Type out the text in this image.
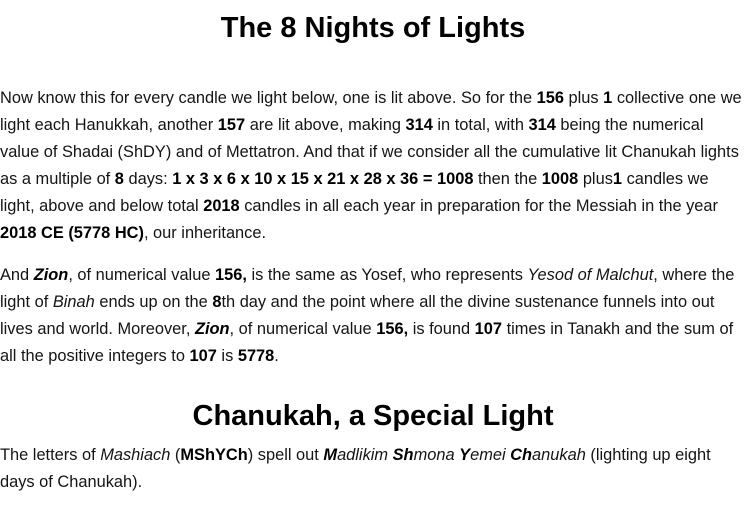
The 8 Nights of Lights

Now know this for every candle we light below, one is lit above. So for the 156 plus 1 collective one we light each Hanukkah, another 157 are lit above, making 314 in total, with 314 being the numerical value of Shadai (ShDY) and of Mettatron. And that if we consider all the cumulative lit Chanukah lights as a multiple of 8 days: 1 x 3 x 6 x 10 x 15 x 21 x 28 x 36 = 1008 then the 1008 plus1 candles we light, above and below total 2018 candles in all each year in preparation for the Messiah in the year 2018 CE (5778 HC), our inheritance.

And Zion, of numerical value 156, is the same as Yosef, who represents Yesod of Malchut, where the light of Binah ends up on the 8th day and the point where all the divine sustenance funnels into out lives and world. Moreover, Zion, of numerical value 156, is found 107 times in Tanakh and the sum of all the positive integers to 107 is 5778.

Chanukah, a Special Light

The letters of Mashiach (MShYCh) spell out Madlikim Shmona Yemei Chanukah (lighting up eight days of Chanukah).
